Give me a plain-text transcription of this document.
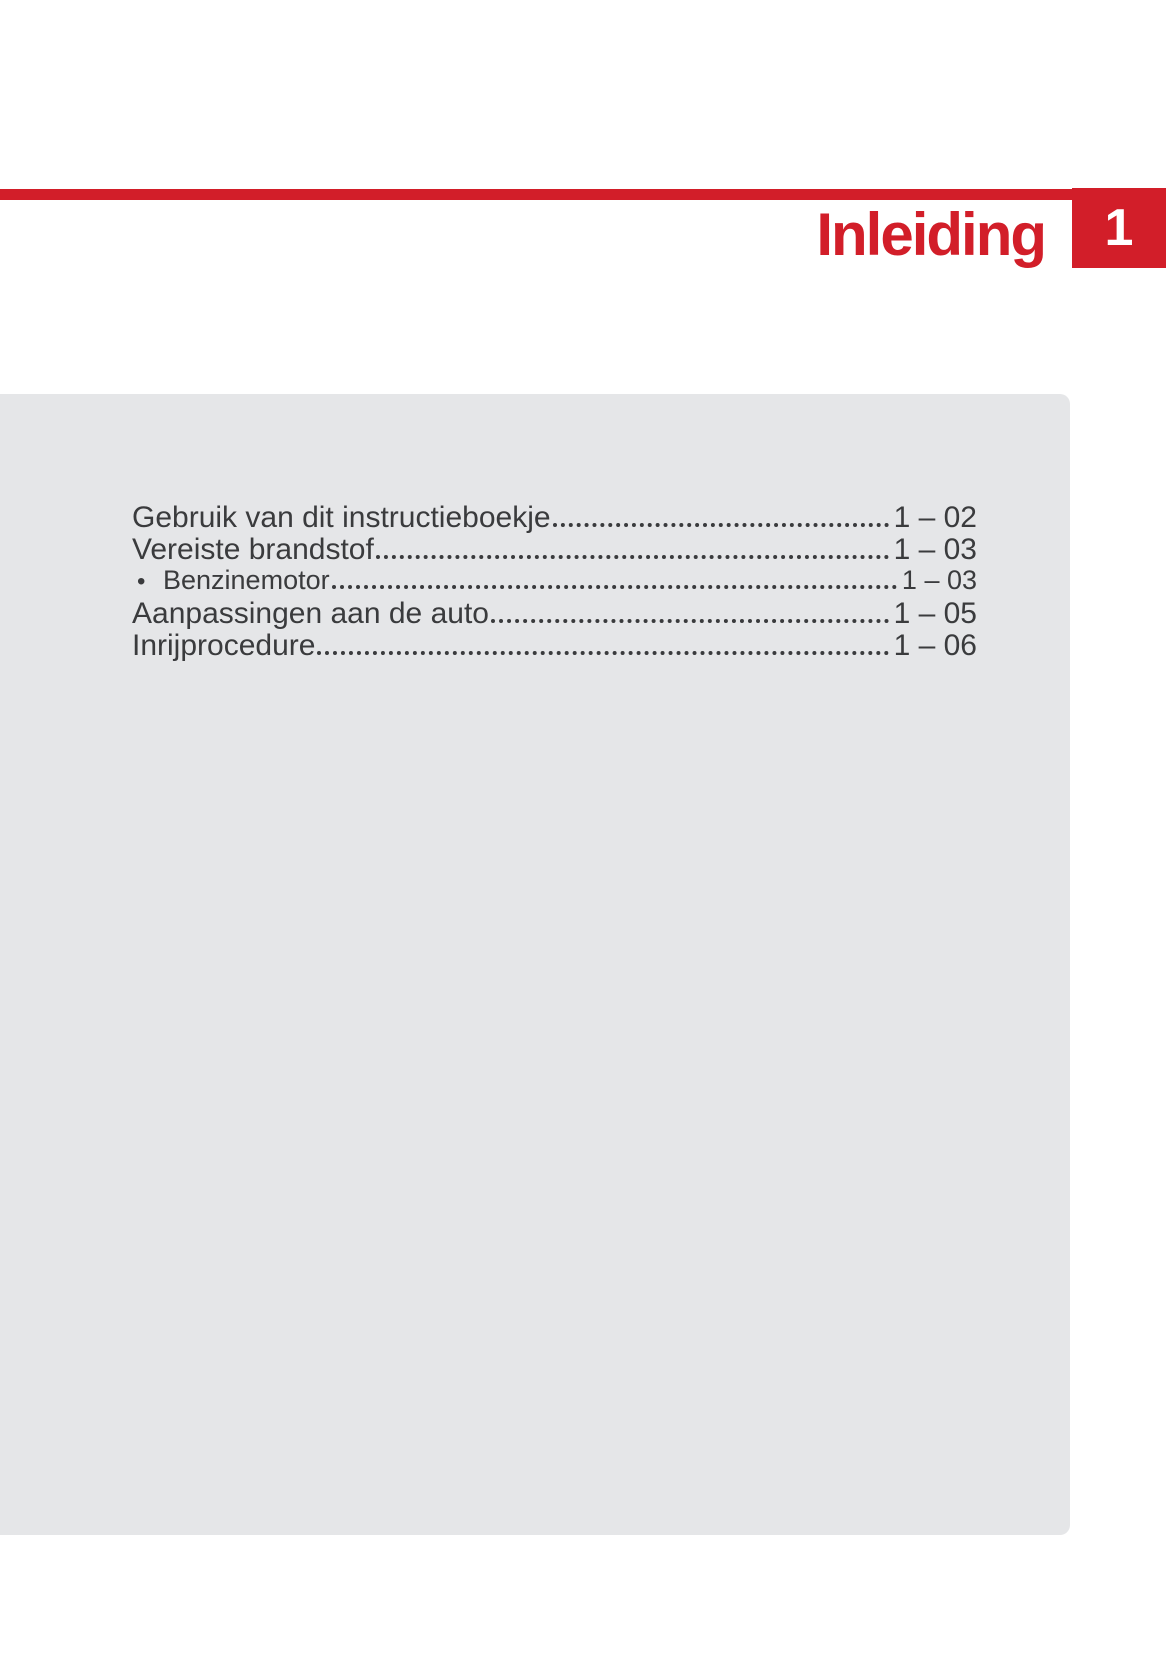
Inleiding 1
Gebruik van dit instructieboekje	1 – 02
Vereiste brandstof	1 – 03
• Benzinemotor	1 – 03
Aanpassingen aan de auto	1 – 05
Inrijprocedure	1 – 06
